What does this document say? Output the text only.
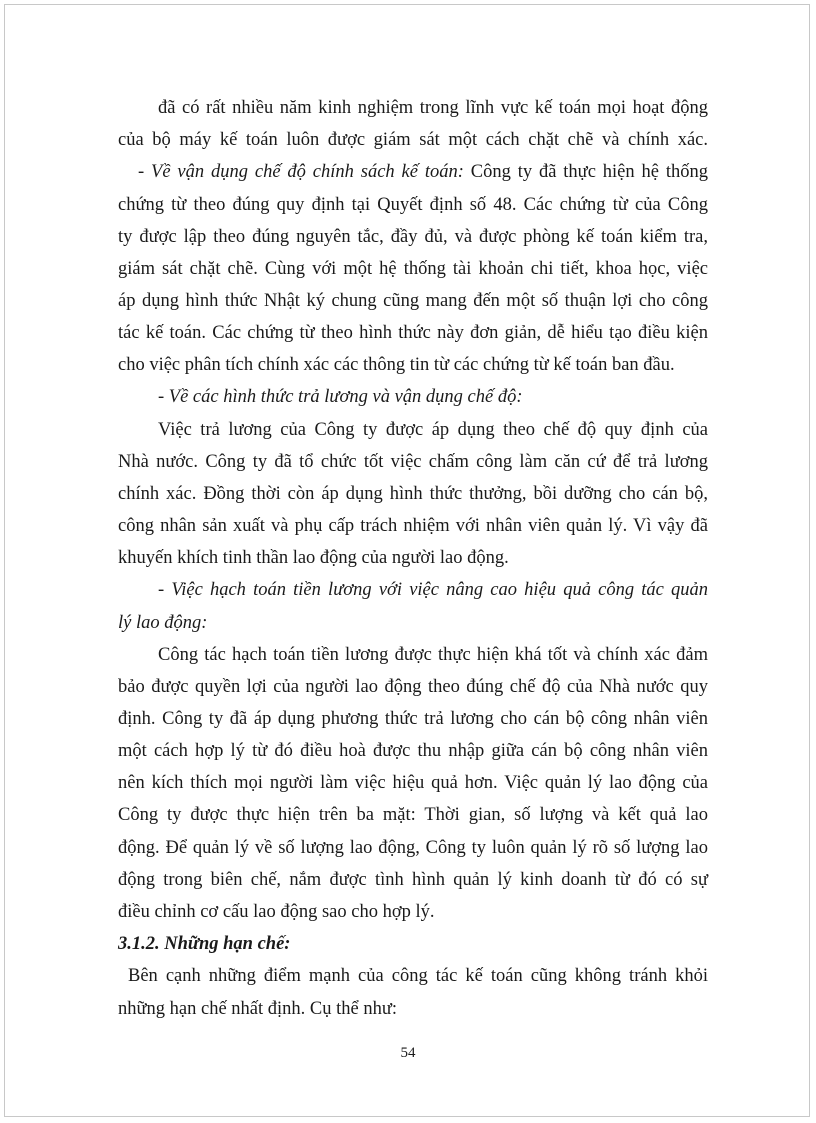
đã có rất nhiều năm kinh nghiệm trong lĩnh vực kế toán mọi hoạt động
của bộ máy kế toán luôn được giám sát một cách chặt chẽ và chính xác.
- Về vận dụng chế độ chính sách kế toán: Công ty đã thực hiện hệ thống
chứng từ theo đúng quy định tại Quyết định số 48. Các chứng từ của Công
ty được lập theo đúng nguyên tắc, đầy đủ, và được phòng kế toán kiểm tra,
giám sát chặt chẽ. Cùng với một hệ thống tài khoản chi tiết, khoa học, việc
áp dụng hình thức Nhật ký chung cũng mang đến một số thuận lợi cho công
tác kế toán. Các chứng từ theo hình thức này đơn giản, dễ hiểu tạo điều kiện
cho việc phân tích chính xác các thông tin từ các chứng từ kế toán ban đầu.
- Về các hình thức trả lương và vận dụng chế độ:
Việc trả lương của Công ty được áp dụng theo chế độ quy định của
Nhà nước. Công ty đã tổ chức tốt việc chấm công làm căn cứ để trả lương
chính xác. Đồng thời còn áp dụng hình thức thưởng, bồi dưỡng cho cán bộ,
công nhân sản xuất và phụ cấp trách nhiệm với nhân viên quản lý. Vì vậy đã
khuyến khích tinh thần lao động của người lao động.
- Việc hạch toán tiền lương với việc nâng cao hiệu quả công tác quản
lý lao động:
Công tác hạch toán tiền lương được thực hiện khá tốt và chính xác đảm
bảo được quyền lợi của người lao động theo đúng chế độ của Nhà nước quy
định. Công ty đã áp dụng phương thức trả lương cho cán bộ công nhân viên
một cách hợp lý từ đó điều hoà được thu nhập giữa cán bộ công nhân viên
nên kích thích mọi người làm việc hiệu quả hơn. Việc quản lý lao động của
Công ty được thực hiện trên ba mặt: Thời gian, số lượng và kết quả lao
động. Để quản lý về số lượng lao động, Công ty luôn quản lý rõ số lượng lao
động trong biên chế, nắm được tình hình quản lý kinh doanh từ đó có sự
điều chỉnh cơ cấu lao động sao cho hợp lý.
3.1.2. Những hạn chế:
Bên cạnh những điểm mạnh của công tác kế toán cũng không tránh khỏi
những hạn chế nhất định. Cụ thể như:
54
